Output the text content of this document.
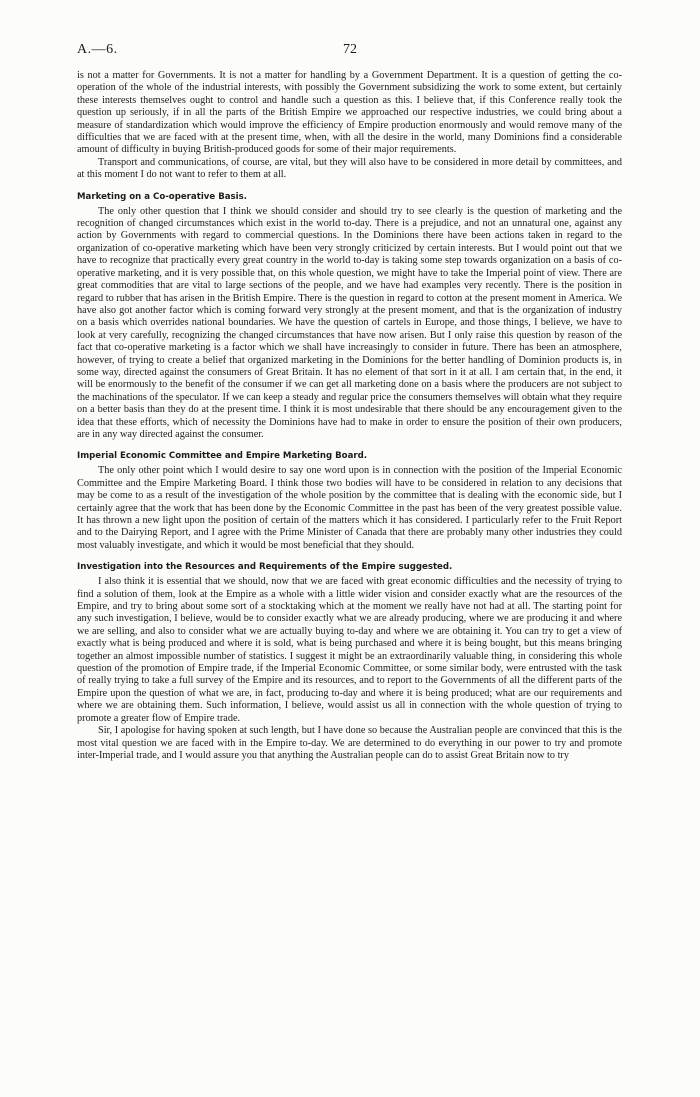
A.—6.	72

is not a matter for Governments. It is not a matter for handling by a Government Department. It is a question of getting the co-operation of the whole of the industrial interests, with possibly the Government subsidizing the work to some extent, but certainly these interests themselves ought to control and handle such a question as this. I believe that, if this Conference really took the question up seriously, if in all the parts of the British Empire we approached our respective industries, we could bring about a measure of standardization which would improve the efficiency of Empire production enormously and would remove many of the difficulties that we are faced with at the present time, when, with all the desire in the world, many Dominions find a considerable amount of difficulty in buying British-produced goods for some of their major requirements.

Transport and communications, of course, are vital, but they will also have to be considered in more detail by committees, and at this moment I do not want to refer to them at all.

Marketing on a Co-operative Basis.

The only other question that I think we should consider and should try to see clearly is the question of marketing and the recognition of changed circumstances which exist in the world to-day. There is a prejudice, and not an unnatural one, against any action by Governments with regard to commercial questions. In the Dominions there have been actions taken in regard to the organization of co-operative marketing which have been very strongly criticized by certain interests. But I would point out that we have to recognize that practically every great country in the world to-day is taking some step towards organization on a basis of co-operative marketing, and it is very possible that, on this whole question, we might have to take the Imperial point of view. There are great commodities that are vital to large sections of the people, and we have had examples very recently. There is the position in regard to rubber that has arisen in the British Empire. There is the question in regard to cotton at the present moment in America. We have also got another factor which is coming forward very strongly at the present moment, and that is the organization of industry on a basis which overrides national boundaries. We have the question of cartels in Europe, and those things, I believe, we have to look at very carefully, recognizing the changed circumstances that have now arisen. But I only raise this question by reason of the fact that co-operative marketing is a factor which we shall have increasingly to consider in future. There has been an atmosphere, however, of trying to create a belief that organized marketing in the Dominions for the better handling of Dominion products is, in some way, directed against the consumers of Great Britain. It has no element of that sort in it at all. I am certain that, in the end, it will be enormously to the benefit of the consumer if we can get all marketing done on a basis where the producers are not subject to the machinations of the speculator. If we can keep a steady and regular price the consumers themselves will obtain what they require on a better basis than they do at the present time. I think it is most undesirable that there should be any encouragement given to the idea that these efforts, which of necessity the Dominions have had to make in order to ensure the position of their own producers, are in any way directed against the consumer.

Imperial Economic Committee and Empire Marketing Board.

The only other point which I would desire to say one word upon is in connection with the position of the Imperial Economic Committee and the Empire Marketing Board. I think those two bodies will have to be considered in relation to any decisions that may be come to as a result of the investigation of the whole position by the committee that is dealing with the economic side, but I certainly agree that the work that has been done by the Economic Committee in the past has been of the very greatest possible value. It has thrown a new light upon the position of certain of the matters which it has considered. I particularly refer to the Fruit Report and to the Dairying Report, and I agree with the Prime Minister of Canada that there are probably many other industries they could most valuably investigate, and which it would be most beneficial that they should.

Investigation into the Resources and Requirements of the Empire suggested.

I also think it is essential that we should, now that we are faced with great economic difficulties and the necessity of trying to find a solution of them, look at the Empire as a whole with a little wider vision and consider exactly what are the resources of the Empire, and try to bring about some sort of a stocktaking which at the moment we really have not had at all. The starting point for any such investigation, I believe, would be to consider exactly what we are already producing, where we are producing it and where we are selling, and also to consider what we are actually buying to-day and where we are obtaining it. You can try to get a view of exactly what is being produced and where it is sold, what is being purchased and where it is being bought, but this means bringing together an almost impossible number of statistics. I suggest it might be an extraordinarily valuable thing, in considering this whole question of the promotion of Empire trade, if the Imperial Economic Committee, or some similar body, were entrusted with the task of really trying to take a full survey of the Empire and its resources, and to report to the Governments of all the different parts of the Empire upon the question of what we are, in fact, producing to-day and where it is being produced; what are our requirements and where we are obtaining them. Such information, I believe, would assist us all in connection with the whole question of trying to promote a greater flow of Empire trade.

Sir, I apologise for having spoken at such length, but I have done so because the Australian people are convinced that this is the most vital question we are faced with in the Empire to-day. We are determined to do everything in our power to try and promote inter-Imperial trade, and I would assure you that anything the Australian people can do to assist Great Britain now to try
